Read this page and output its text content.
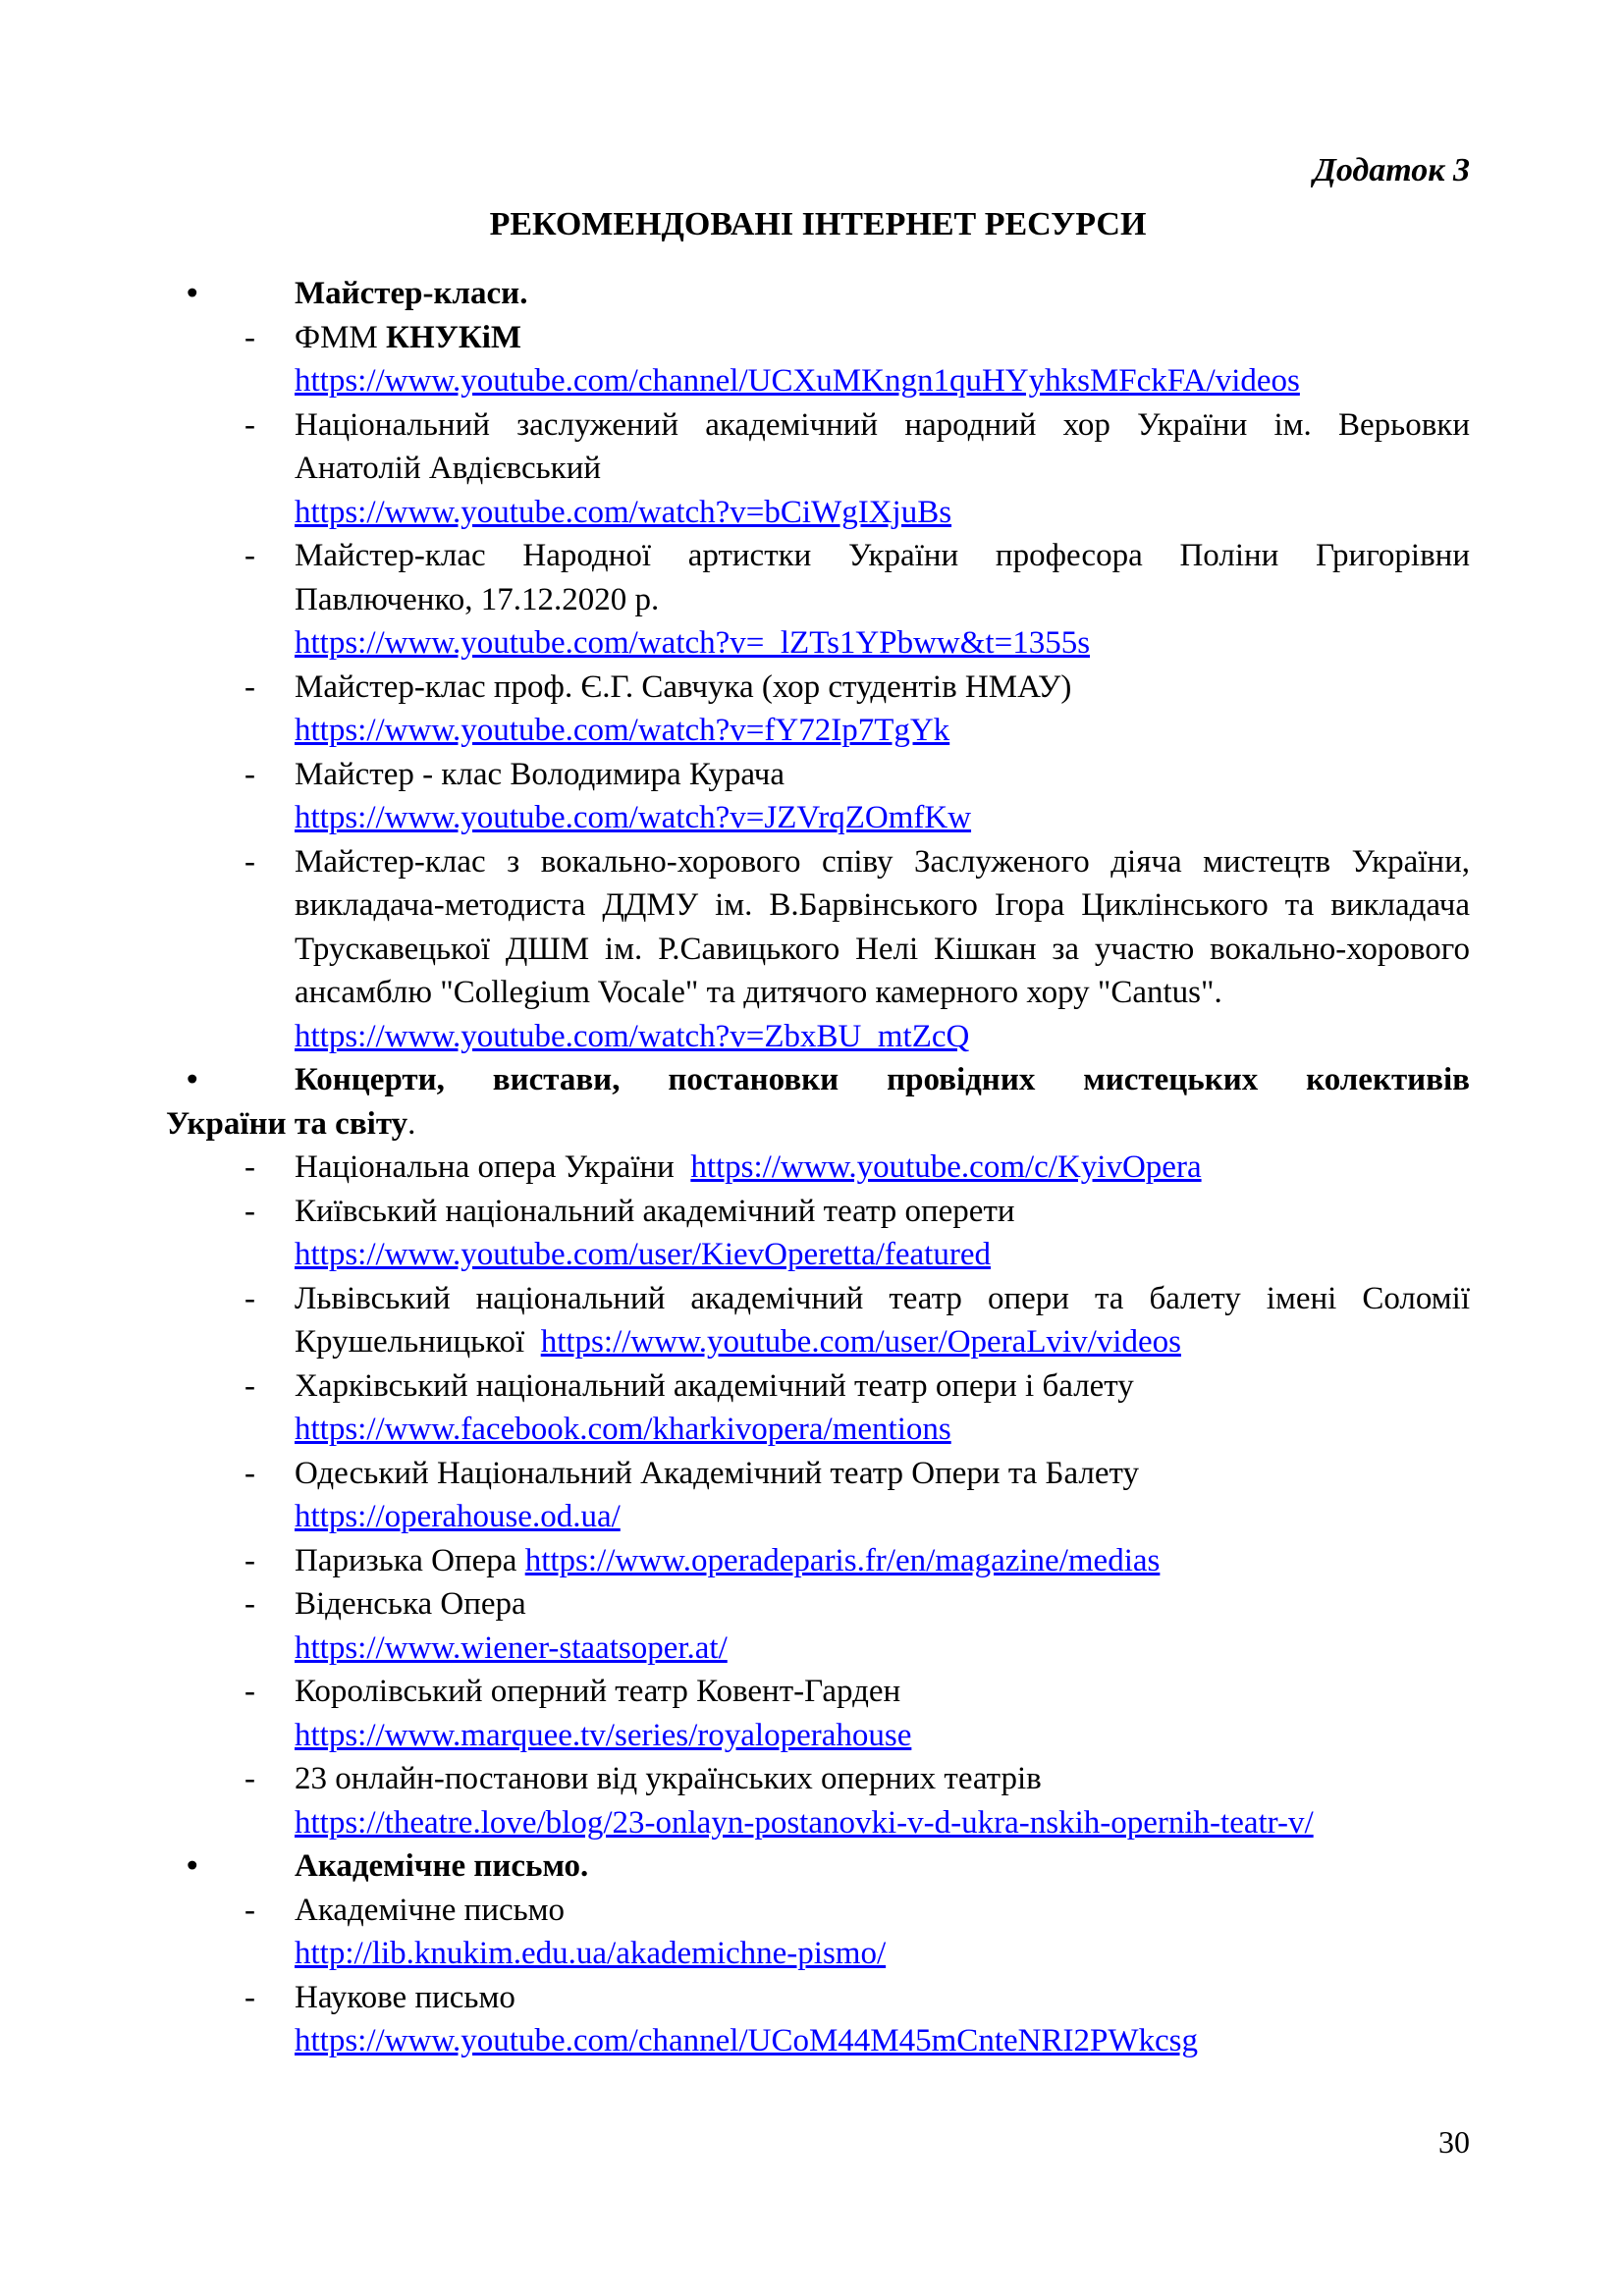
Додаток 3
РЕКОМЕНДОВАНІ ІНТЕРНЕТ РЕСУРСИ
•	Майстер-класи.
- ФММ КНУКіМ
https://www.youtube.com/channel/UCXuMKngn1quHYyhksMFckFA/videos
- Національний заслужений академічний народний хор України ім. Верьовки Анатолій Авдієвський
https://www.youtube.com/watch?v=bCiWgIXjuBs
- Майстер-клас Народної артистки України професора Поліни Григорівни Павлюченко, 17.12.2020 р.
https://www.youtube.com/watch?v=_lZTs1YPbww&t=1355s
- Майстер-клас проф. Є.Г. Савчука (хор студентів НМАУ)
https://www.youtube.com/watch?v=fY72Ip7TgYk
- Майстер - клас Володимира Курача
https://www.youtube.com/watch?v=JZVrqZOmfKw
- Майстер-клас з вокально-хорового співу Заслуженого діяча мистецтв України, викладача-методиста ДДМУ ім. В.Барвінського Ігора Циклінського та викладача Трускавецької ДШМ ім. Р.Савицького Нелі Кішкан за участю вокально-хорового ансамблю "Collegium Vocale" та дитячого камерного хору "Cantus".
https://www.youtube.com/watch?v=ZbxBU_mtZcQ
•	Концерти, вистави, постановки провідних мистецьких колективів
України та світу.
- Національна опера України  https://www.youtube.com/c/KyivOpera
- Київський національний академічний театр оперети
https://www.youtube.com/user/KievOperetta/featured
- Львівський національний академічний театр опери та балету імені Соломії Крушельницької  https://www.youtube.com/user/OperaLviv/videos
- Харківський національний академічний театр опери і балету
https://www.facebook.com/kharkivopera/mentions
- Одеський Національний Академічний театр Опери та Балету
https://operahouse.od.ua/
- Паризька Опера https://www.operadeparis.fr/en/magazine/medias
- Віденська Опера
https://www.wiener-staatsoper.at/
- Королівський оперний театр Ковент-Гарден
https://www.marquee.tv/series/royaloperahouse
- 23 онлайн-постанови від українських оперних театрів
https://theatre.love/blog/23-onlayn-postanovki-v-d-ukra-nskih-opernih-teatr-v/
•	Академічне письмо.
- Академічне письмо
http://lib.knukim.edu.ua/akademichne-pismo/
- Наукове письмо
https://www.youtube.com/channel/UCoM44M45mCnteNRI2PWkcsg
30
